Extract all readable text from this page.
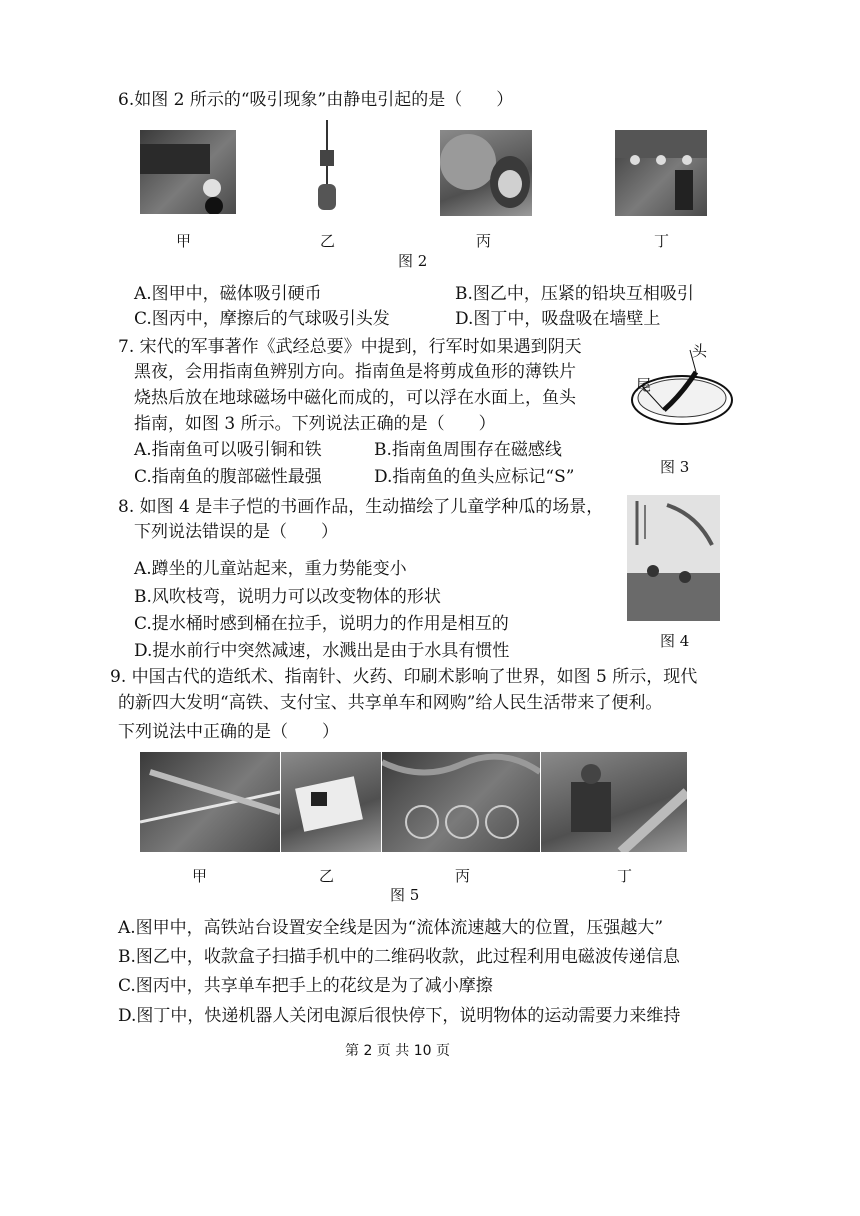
6.如图 2 所示的“吸引现象”由静电引起的是（　　）
甲	乙	丙	丁
图 2
A.图甲中，磁体吸引硬币	B.图乙中，压紧的铅块互相吸引
C.图丙中，摩擦后的气球吸引头发	D.图丁中，吸盘吸在墙壁上
7. 宋代的军事著作《武经总要》中提到，行军时如果遇到阴天
黑夜，会用指南鱼辨别方向。指南鱼是将剪成鱼形的薄铁片
烧热后放在地球磁场中磁化而成的，可以浮在水面上，鱼头
指南，如图 3 所示。下列说法正确的是（　　）
A.指南鱼可以吸引铜和铁	B.指南鱼周围存在磁感线
C.指南鱼的腹部磁性最强	D.指南鱼的鱼头应标记“S”
头
尾
图 3
8. 如图 4 是丰子恺的书画作品，生动描绘了儿童学种瓜的场景，
下列说法错误的是（　　）
A.蹲坐的儿童站起来，重力势能变小
B.风吹枝弯，说明力可以改变物体的形状
C.提水桶时感到桶在拉手，说明力的作用是相互的
D.提水前行中突然减速，水溅出是由于水具有惯性	图 4
9. 中国古代的造纸术、指南针、火药、印刷术影响了世界，如图 5 所示，现代
的新四大发明“高铁、支付宝、共享单车和网购”给人民生活带来了便利。
下列说法中正确的是（　　）
甲	乙	丙	丁
图 5
A.图甲中，高铁站台设置安全线是因为“流体流速越大的位置，压强越大”
B.图乙中，收款盒子扫描手机中的二维码收款，此过程利用电磁波传递信息
C.图丙中，共享单车把手上的花纹是为了减小摩擦
D.图丁中，快递机器人关闭电源后很快停下，说明物体的运动需要力来维持
第 2 页 共 10 页
